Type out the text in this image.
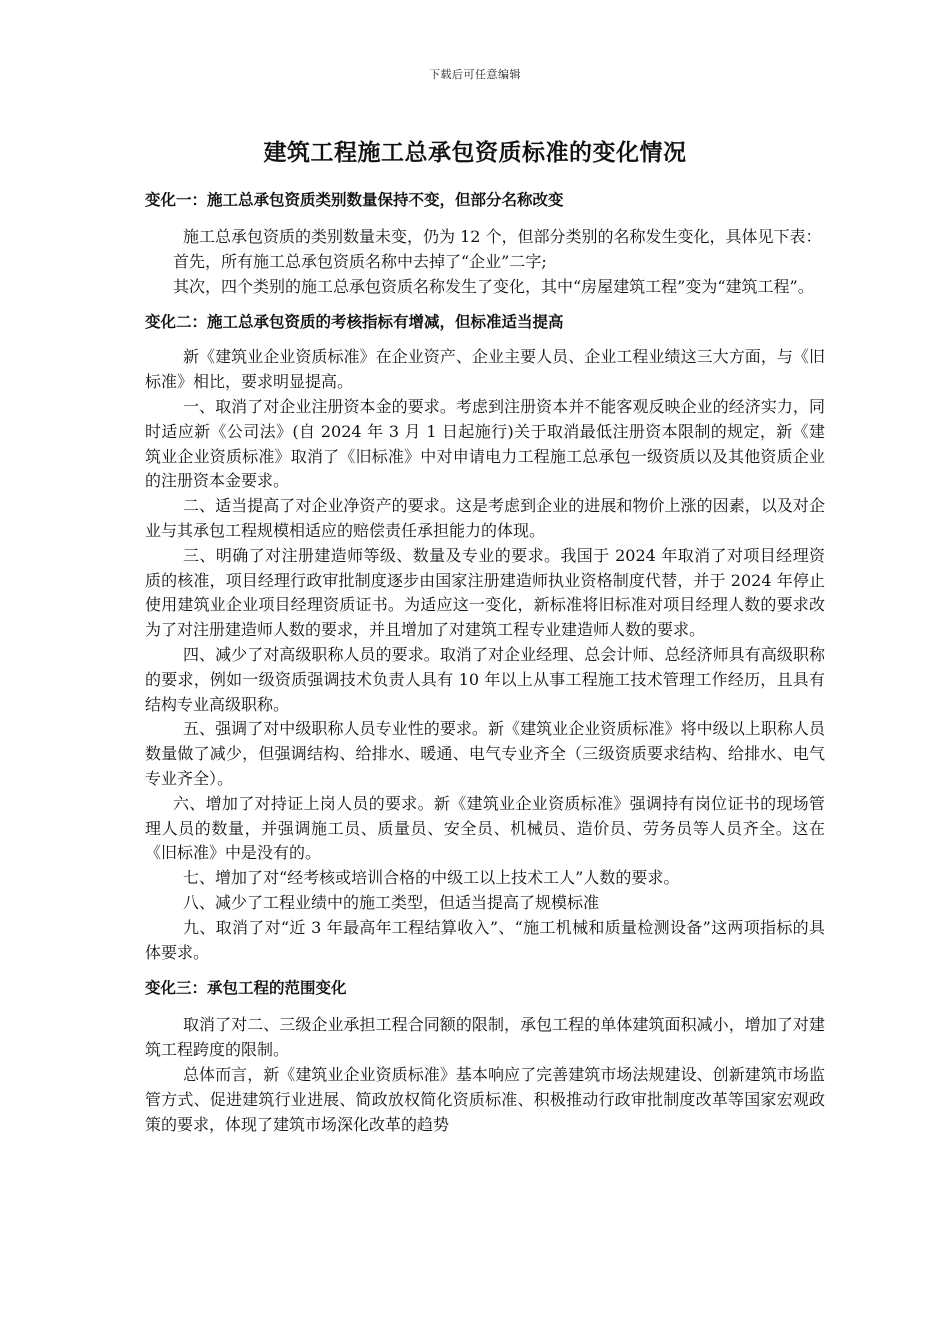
下载后可任意编辑
建筑工程施工总承包资质标准的变化情况
变化一：施工总承包资质类别数量保持不变，但部分名称改变

施工总承包资质的类别数量未变，仍为 12 个，但部分类别的名称发生变化，具体见下表：

首先，所有施工总承包资质名称中去掉了“企业”二字;

其次，四个类别的施工总承包资质名称发生了变化，其中“房屋建筑工程”变为“建筑工程”。

变化二：施工总承包资质的考核指标有增减，但标准适当提高

新《建筑业企业资质标准》在企业资产、企业主要人员、企业工程业绩这三大方面，与《旧标准》相比，要求明显提高。

一、取消了对企业注册资本金的要求。考虑到注册资本并不能客观反映企业的经济实力，同时适应新《公司法》(自 2024 年 3 月 1 日起施行)关于取消最低注册资本限制的规定，新《建筑业企业资质标准》取消了《旧标准》中对申请电力工程施工总承包一级资质以及其他资质企业的注册资本金要求。

二、适当提高了对企业净资产的要求。这是考虑到企业的进展和物价上涨的因素，以及对企业与其承包工程规模相适应的赔偿责任承担能力的体现。

三、明确了对注册建造师等级、数量及专业的要求。我国于 2024 年取消了对项目经理资质的核准，项目经理行政审批制度逐步由国家注册建造师执业资格制度代替，并于 2024 年停止使用建筑业企业项目经理资质证书。为适应这一变化，新标准将旧标准对项目经理人数的要求改为了对注册建造师人数的要求，并且增加了对建筑工程专业建造师人数的要求。

四、减少了对高级职称人员的要求。取消了对企业经理、总会计师、总经济师具有高级职称的要求，例如一级资质强调技术负责人具有 10 年以上从事工程施工技术管理工作经历，且具有结构专业高级职称。

五、强调了对中级职称人员专业性的要求。新《建筑业企业资质标准》将中级以上职称人员数量做了减少，但强调结构、给排水、暖通、电气专业齐全（三级资质要求结构、给排水、电气专业齐全）。

六、增加了对持证上岗人员的要求。新《建筑业企业资质标准》强调持有岗位证书的现场管理人员的数量，并强调施工员、质量员、安全员、机械员、造价员、劳务员等人员齐全。这在《旧标准》中是没有的。

七、增加了对“经考核或培训合格的中级工以上技术工人”人数的要求。

八、减少了工程业绩中的施工类型，但适当提高了规模标准

九、取消了对“近 3 年最高年工程结算收入”、“施工机械和质量检测设备”这两项指标的具体要求。

变化三：承包工程的范围变化

取消了对二、三级企业承担工程合同额的限制，承包工程的单体建筑面积减小，增加了对建筑工程跨度的限制。

总体而言，新《建筑业企业资质标准》基本响应了完善建筑市场法规建设、创新建筑市场监管方式、促进建筑行业进展、简政放权简化资质标准、积极推动行政审批制度改革等国家宏观政策的要求，体现了建筑市场深化改革的趋势
